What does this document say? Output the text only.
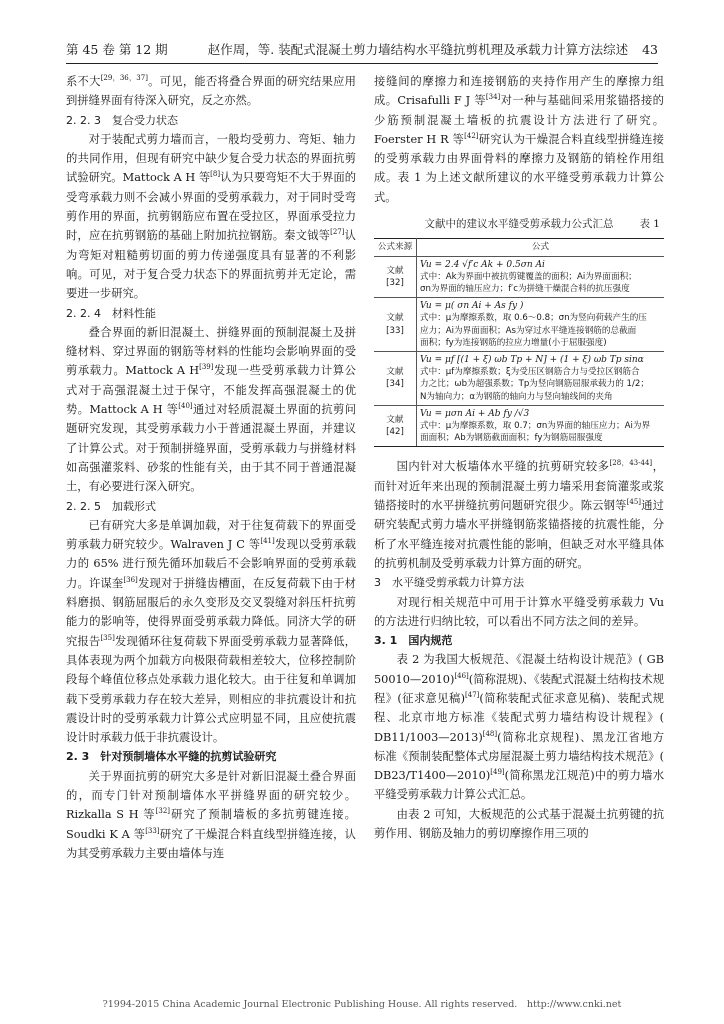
第 45 卷 第 12 期	赵作周，等. 装配式混凝土剪力墙结构水平缝抗剪机理及承载力计算方法综述	43

系不大[29，36，37]。可见，能否将叠合界面的研究结果应用到拼缝界面有待深入研究，反之亦然。

2. 2. 3　复合受力状态

对于装配式剪力墙而言，一般均受剪力、弯矩、轴力的共同作用，但现有研究中缺少复合受力状态的界面抗剪试验研究。Mattock A H 等[8]认为只要弯矩不大于界面的受弯承载力则不会减小界面的受剪承载力，对于同时受弯剪作用的界面，抗剪钢筋应布置在受拉区，界面承受拉力时，应在抗剪钢筋的基础上附加抗拉钢筋。秦文钺等[27]认为弯矩对粗糙剪切面的剪力传递强度具有显著的不利影响。可见，对于复合受力状态下的界面抗剪并无定论，需要进一步研究。

2. 2. 4　材料性能

叠合界面的新旧混凝土、拼缝界面的预制混凝土及拼缝材料、穿过界面的钢筋等材料的性能均会影响界面的受剪承载力。Mattock A H[39]发现一些受剪承载力计算公式对于高强混凝土过于保守，不能发挥高强混凝土的优势。Mattock A H 等[40]通过对轻质混凝土界面的抗剪问题研究发现，其受剪承载力小于普通混凝土界面，并建议了计算公式。对于预制拼缝界面，受剪承载力与拼缝材料如高强灌浆料、砂浆的性能有关，由于其不同于普通混凝土，有必要进行深入研究。

2. 2. 5　加载形式

已有研究大多是单调加载，对于往复荷载下的界面受剪承载力研究较少。Walraven J C 等[41]发现以受剪承载力的 65% 进行预先循环加载后不会影响界面的受剪承载力。许谋奎[36]发现对于拼缝齿槽面，在反复荷载下由于材料磨损、钢筋屈服后的永久变形及交叉裂缝对斜压杆抗剪能力的影响等，使得界面受剪承载力降低。同济大学的研究报告[35]发现循环往复荷载下界面受剪承载力显著降低，具体表现为两个加载方向极限荷载相差较大，位移控制阶段每个峰值位移点处承载力退化较大。由于往复和单调加载下受剪承载力存在较大差异，则相应的非抗震设计和抗震设计时的受剪承载力计算公式应明显不同，且应使抗震设计时承载力低于非抗震设计。

2. 3　针对预制墙体水平缝的抗剪试验研究

关于界面抗剪的研究大多是针对新旧混凝土叠合界面的，而专门针对预制墙体水平拼缝界面的研究较少。Rizkalla S H 等[32]研究了预制墙板的多抗剪键连接。Soudki K A 等[33]研究了干燥混合料直线型拼缝连接，认为其受剪承载力主要由墙体与连

接缝间的摩擦力和连接钢筋的夹持作用产生的摩擦力组成。Crisafulli F J 等[34]对一种与基础间采用浆锚搭接的少筋预制混凝土墙板的抗震设计方法进行了研究。Foerster H R 等[42]研究认为干燥混合料直线型拼缝连接的受剪承载力由界面骨料的摩擦力及钢筋的销栓作用组成。表 1 为上述文献所建议的水平缝受剪承载力计算公式。

文献中的建议水平缝受剪承载力公式汇总 表 1
公式来源	公式
文献 [32]	Vu = 2.4 √f′c Ak + 0.5σn Ai
式中：Ak为界面中被抗剪键覆盖的面积；Ai为界面面积；
σn为界面的轴压应力；f′c为拼缝干燥混合料的抗压强度

文献 [33]	Vu = μ( σn Ai + As fy )
式中：μ为摩擦系数，取 0.6～0.8；σn为竖向荷载产生的压
应力；Ai为界面面积；As为穿过水平缝连接钢筋的总截面
面积；fy为连接钢筋的拉应力增量(小于屈服强度)

文献 [34]	Vu = μf [(1 + ξ) ωb Tp + N] + (1 + ξ) ωb Tp sinα
式中：μf为摩擦系数；ξ为受压区钢筋合力与受拉区钢筋合
力之比；ωb为超强系数；Tp为竖向钢筋屈服承载力的 1/2；
N为轴向力；α为钢筋的轴向力与竖向轴线间的夹角

文献 [42]	Vu = μσn Ai + Ab fy /√3
式中：μ为摩擦系数，取 0.7；σn为界面的轴压应力；Ai为界
面面积；Ab为钢筋截面面积；fy为钢筋屈服强度

国内针对大板墙体水平缝的抗剪研究较多[28，43-44]，而针对近年来出现的预制混凝土剪力墙采用套筒灌浆或浆锚搭接时的水平拼缝抗剪问题研究很少。陈云钢等[45]通过研究装配式剪力墙水平拼缝钢筋浆锚搭接的抗震性能，分析了水平缝连接对抗震性能的影响，但缺乏对水平缝具体的抗剪机制及受剪承载力计算方面的研究。

3　水平缝受剪承载力计算方法

对现行相关规范中可用于计算水平缝受剪承载力 Vu 的方法进行归纳比较，可以看出不同方法之间的差异。

3. 1　国内规范

表 2 为我国大板规范、《混凝土结构设计规范》( GB 50010—2010)[46](简称混规)、《装配式混凝土结构技术规程》(征求意见稿)[47](简称装配式征求意见稿)、装配式规程、北京市地方标准《装配式剪力墙结构设计规程》( DB11/1003—2013)[48](简称北京规程)、黑龙江省地方标准《预制装配整体式房屋混凝土剪力墙结构技术规范》( DB23/T1400—2010)[49](简称黑龙江规范)中的剪力墙水平缝受剪承载力计算公式汇总。

由表 2 可知，大板规范的公式基于混凝土抗剪键的抗剪作用、钢筋及轴力的剪切摩擦作用三项的

?1994-2015 China Academic Journal Electronic Publishing House. All rights reserved.　http://www.cnki.net
